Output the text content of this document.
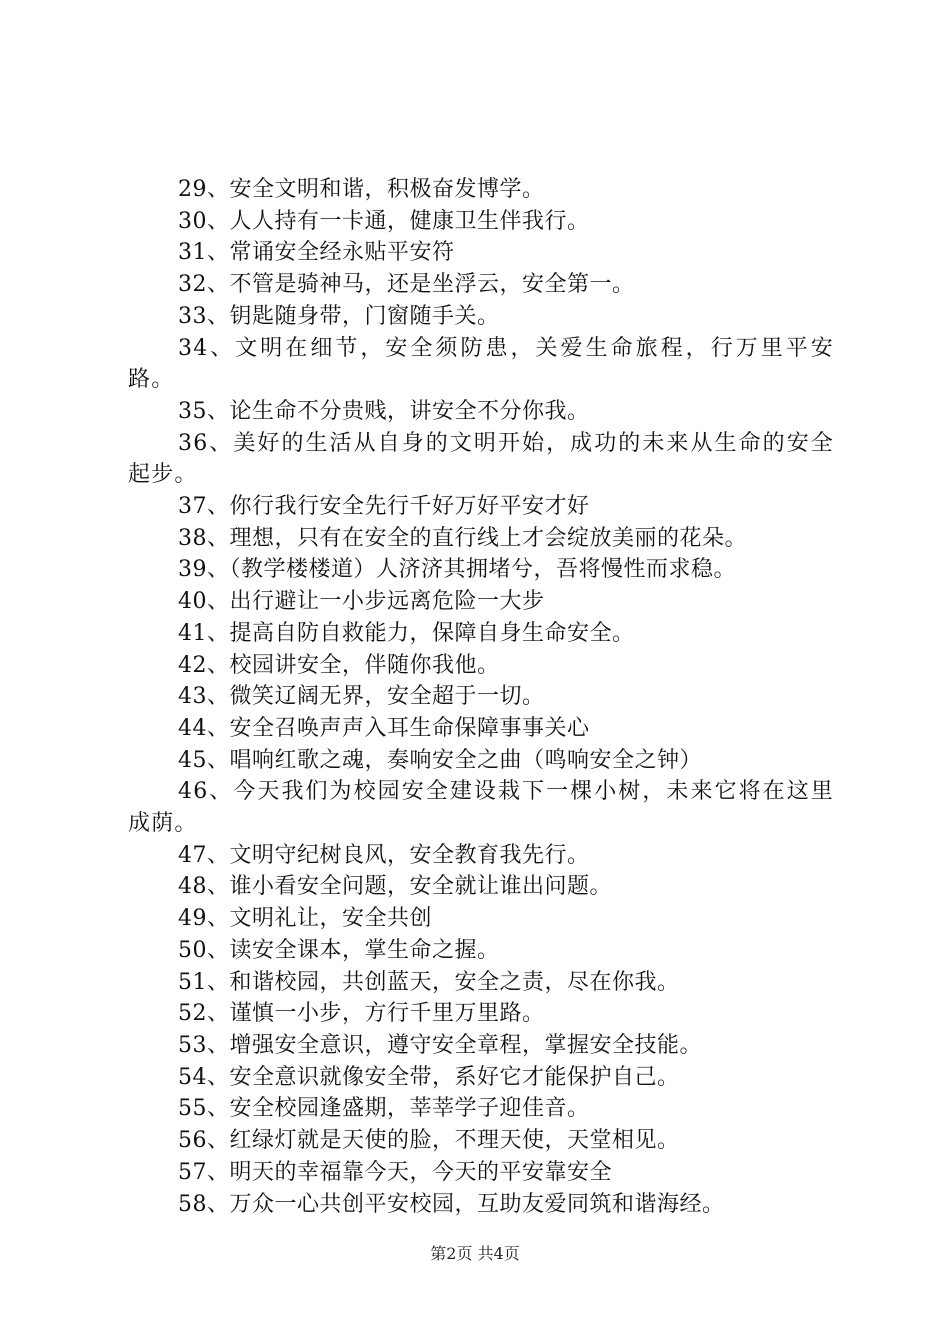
29、安全文明和谐，积极奋发博学。

30、人人持有一卡通，健康卫生伴我行。

31、常诵安全经永贴平安符

32、不管是骑神马，还是坐浮云，安全第一。

33、钥匙随身带，门窗随手关。

34、文明在细节，安全须防患，关爱生命旅程，行万里平安路。

35、论生命不分贵贱，讲安全不分你我。

36、美好的生活从自身的文明开始，成功的未来从生命的安全起步。

37、你行我行安全先行千好万好平安才好

38、理想，只有在安全的直行线上才会绽放美丽的花朵。

39、（教学楼楼道）人济济其拥堵兮，吾将慢性而求稳。

40、出行避让一小步远离危险一大步

41、提高自防自救能力，保障自身生命安全。

42、校园讲安全，伴随你我他。

43、微笑辽阔无界，安全超于一切。

44、安全召唤声声入耳生命保障事事关心

45、唱响红歌之魂，奏响安全之曲（鸣响安全之钟）

46、今天我们为校园安全建设栽下一棵小树，未来它将在这里成荫。

47、文明守纪树良风，安全教育我先行。

48、谁小看安全问题，安全就让谁出问题。

49、文明礼让，安全共创

50、读安全课本，掌生命之握。

51、和谐校园，共创蓝天，安全之责，尽在你我。

52、谨慎一小步，方行千里万里路。

53、增强安全意识，遵守安全章程，掌握安全技能。

54、安全意识就像安全带，系好它才能保护自己。

55、安全校园逢盛期，莘莘学子迎佳音。

56、红绿灯就是天使的脸，不理天使，天堂相见。

57、明天的幸福靠今天，今天的平安靠安全

58、万众一心共创平安校园，互助友爱同筑和谐海经。

第2页 共4页
